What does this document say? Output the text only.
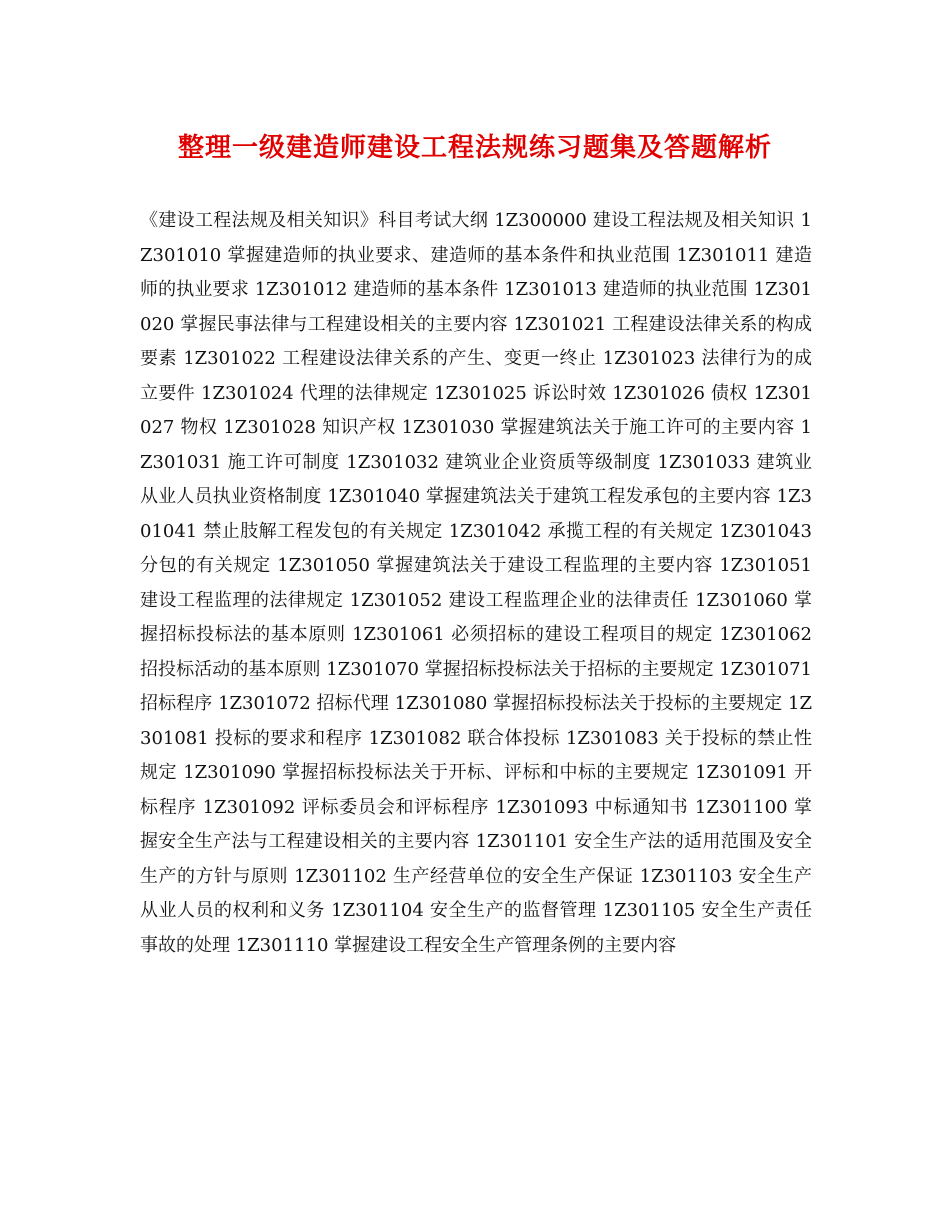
整理一级建造师建设工程法规练习题集及答题解析

《建设工程法规及相关知识》科目考试大纲 1Z300000 建设工程法规及相关知识 1Z301010 掌握建造师的执业要求、建造师的基本条件和执业范围 1Z301011 建造师的执业要求 1Z301012 建造师的基本条件 1Z301013 建造师的执业范围 1Z301020 掌握民事法律与工程建设相关的主要内容 1Z301021 工程建设法律关系的构成要素 1Z301022 工程建设法律关系的产生、变更一终止 1Z301023 法律行为的成立要件 1Z301024 代理的法律规定 1Z301025 诉讼时效 1Z301026 债权 1Z301027 物权 1Z301028 知识产权 1Z301030 掌握建筑法关于施工许可的主要内容 1Z301031 施工许可制度 1Z301032 建筑业企业资质等级制度 1Z301033 建筑业从业人员执业资格制度 1Z301040 掌握建筑法关于建筑工程发承包的主要内容 1Z301041 禁止肢解工程发包的有关规定 1Z301042 承揽工程的有关规定 1Z301043 分包的有关规定 1Z301050 掌握建筑法关于建设工程监理的主要内容 1Z301051 建设工程监理的法律规定 1Z301052 建设工程监理企业的法律责任 1Z301060 掌握招标投标法的基本原则 1Z301061 必须招标的建设工程项目的规定 1Z301062 招投标活动的基本原则 1Z301070 掌握招标投标法关于招标的主要规定 1Z301071 招标程序 1Z301072 招标代理 1Z301080 掌握招标投标法关于投标的主要规定 1Z301081 投标的要求和程序 1Z301082 联合体投标 1Z301083 关于投标的禁止性规定 1Z301090 掌握招标投标法关于开标、评标和中标的主要规定 1Z301091 开标程序 1Z301092 评标委员会和评标程序 1Z301093 中标通知书 1Z301100 掌握安全生产法与工程建设相关的主要内容 1Z301101 安全生产法的适用范围及安全生产的方针与原则 1Z301102 生产经营单位的安全生产保证 1Z301103 安全生产从业人员的权利和义务 1Z301104 安全生产的监督管理 1Z301105 安全生产责任事故的处理 1Z301110 掌握建设工程安全生产管理条例的主要内容
